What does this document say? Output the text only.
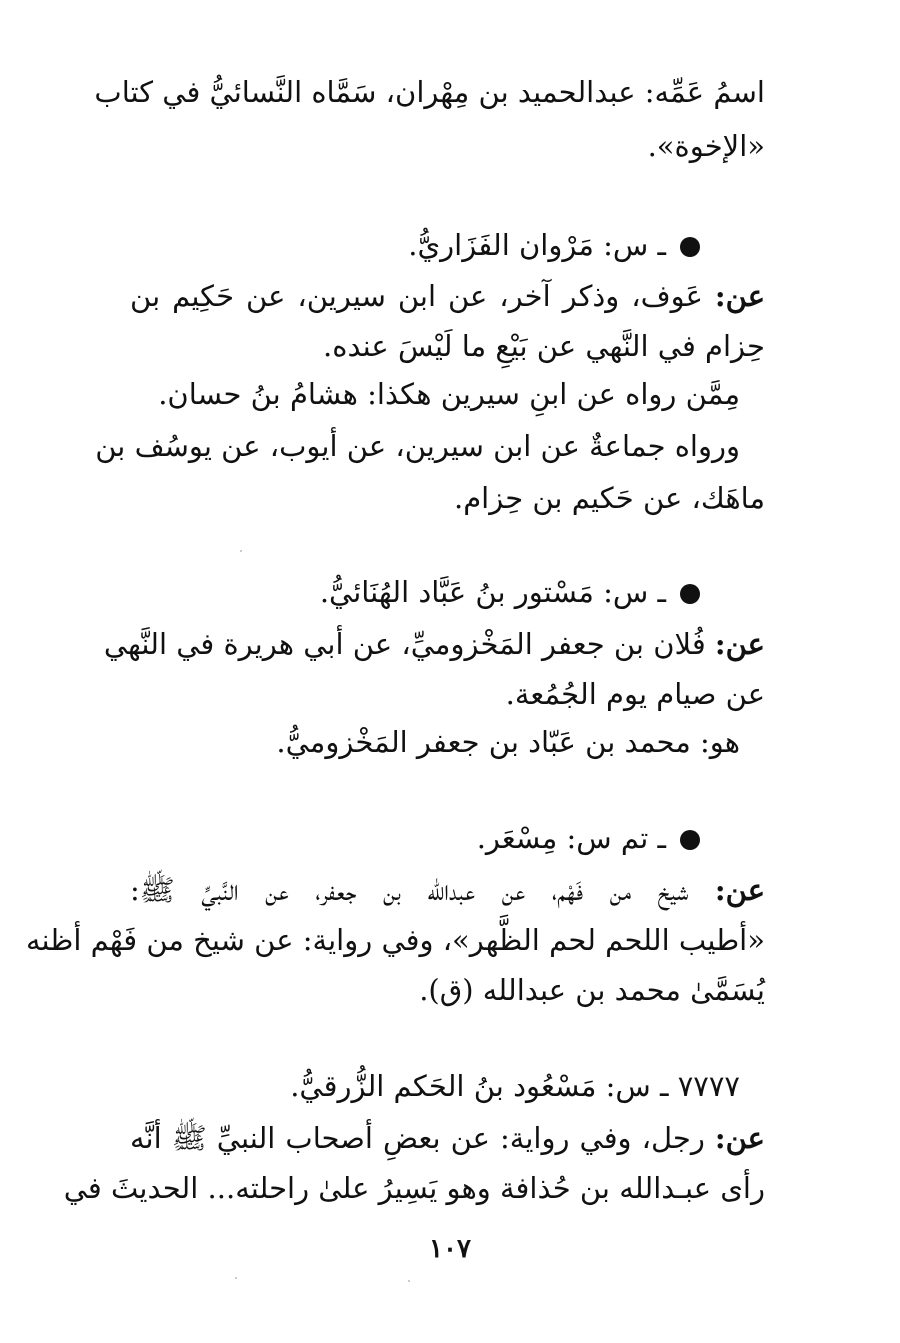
اسمُ عَمِّه: عبدالحميد بن مِهْران، سَمَّاه النَّسائيُّ في كتاب
«الإخوة».
ـ س: مَرْوان الفَزَاريُّ.
عن: عَوف، وذكر آخر، عن ابن سيرين، عن حَكِيم بن
حِزام في النَّهي عن بَيْعِ ما لَيْسَ عنده.
مِمَّن رواه عن ابنِ سيرين هكذا: هشامُ بنُ حسان.
ورواه جماعةٌ عن ابن سيرين، عن أيوب، عن يوسُف بن
ماهَك، عن حَكيم بن حِزام.
ـ س: مَسْتور بنُ عَبَّاد الهُنَائيُّ.
عن: فُلان بن جعفر المَخْزوميِّ، عن أبي هريرة في النَّهي
عن صيام يوم الجُمُعة.
هو: محمد بن عَبّاد بن جعفر المَخْزوميُّ.
ـ تم س: مِسْعَر.
عن: شيخ من فَهْم، عن عبدالله بن جعفر، عن النَّبيِّ ﷺ:
«أطيب اللحم لحم الظَّهر»، وفي رواية: عن شيخ من فَهْم أظنه
يُسَمَّىٰ محمد بن عبدالله (ق).
٧٧٧٧ ـ س: مَسْعُود بنُ الحَكم الزُّرقيُّ.
عن: رجل، وفي رواية: عن بعضِ أصحاب النبيِّ ﷺ أنَّه
رأى عبـدالله بن حُذافة وهو يَسِيرُ علىٰ راحلته... الحديثَ في
١٠٧
